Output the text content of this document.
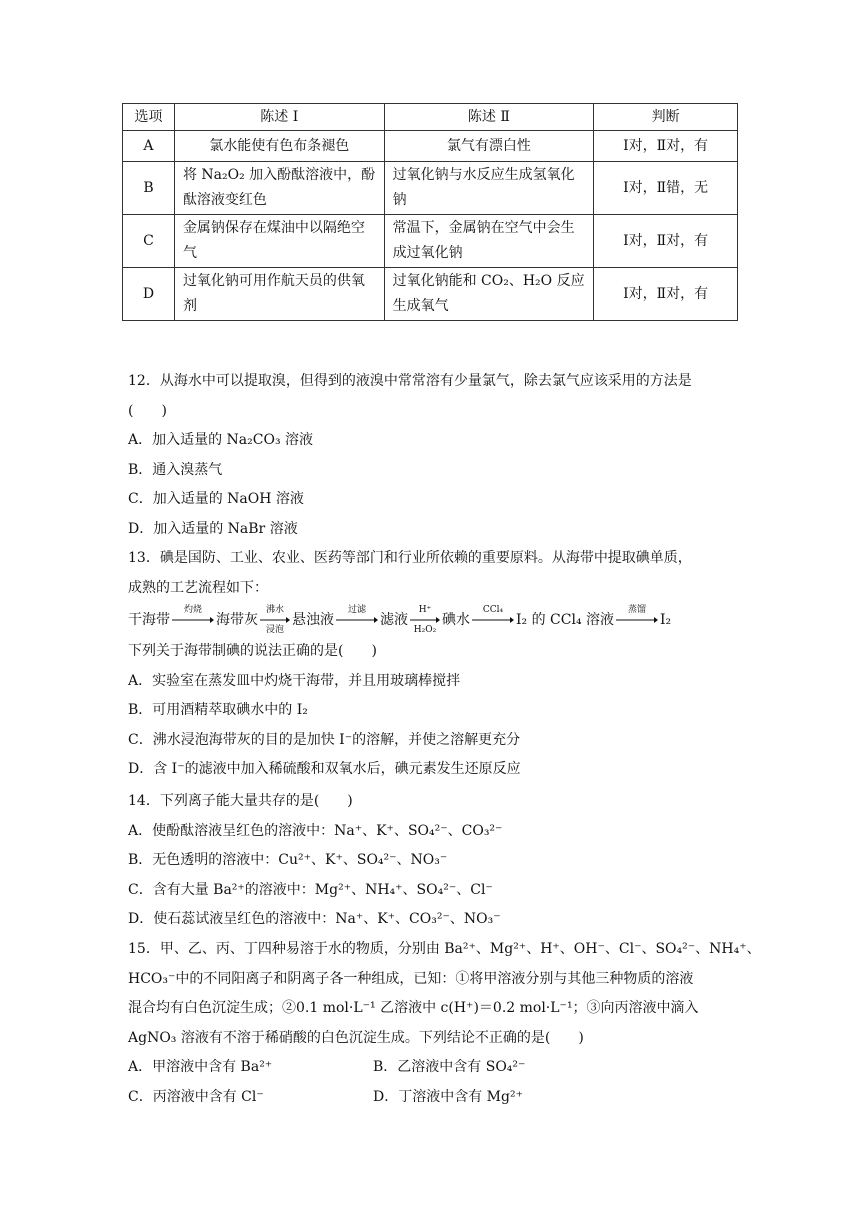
选项	陈述 Ⅰ	陈述 Ⅱ	判断
A	氯水能使有色布条褪色	氯气有漂白性	Ⅰ对，Ⅱ对，有
B	将 Na₂O₂ 加入酚酞溶液中，酚酞溶液变红色	过氧化钠与水反应生成氢氧化钠	Ⅰ对，Ⅱ错，无
C	金属钠保存在煤油中以隔绝空气	常温下，金属钠在空气中会生成过氧化钠	Ⅰ对，Ⅱ对，有
D	过氧化钠可用作航天员的供氧剂	过氧化钠能和 CO₂、H₂O 反应生成氧气	Ⅰ对，Ⅱ对，有
12．从海水中可以提取溴，但得到的液溴中常常溶有少量氯气，除去氯气应该采用的方法是
(　　)
A．加入适量的 Na₂CO₃ 溶液
B．通入溴蒸气
C．加入适量的 NaOH 溶液
D．加入适量的 NaBr 溶液
13．碘是国防、工业、农业、医药等部门和行业所依赖的重要原料。从海带中提取碘单质，
成熟的工艺流程如下：
干海带
灼烧
海带灰
沸水
浸泡
悬浊液
过滤
滤液
H⁺
H₂O₂
碘水
CCl₄
I₂ 的 CCl₄ 溶液
蒸馏
I₂
下列关于海带制碘的说法正确的是(　　)
A．实验室在蒸发皿中灼烧干海带，并且用玻璃棒搅拌
B．可用酒精萃取碘水中的 I₂
C．沸水浸泡海带灰的目的是加快 I⁻的溶解，并使之溶解更充分
D．含 I⁻的滤液中加入稀硫酸和双氧水后，碘元素发生还原反应
14．下列离子能大量共存的是(　　)
A．使酚酞溶液呈红色的溶液中：Na⁺、K⁺、SO₄²⁻、CO₃²⁻
B．无色透明的溶液中：Cu²⁺、K⁺、SO₄²⁻、NO₃⁻
C．含有大量 Ba²⁺的溶液中：Mg²⁺、NH₄⁺、SO₄²⁻、Cl⁻
D．使石蕊试液呈红色的溶液中：Na⁺、K⁺、CO₃²⁻、NO₃⁻
15．甲、乙、丙、丁四种易溶于水的物质，分别由 Ba²⁺、Mg²⁺、H⁺、OH⁻、Cl⁻、SO₄²⁻、NH₄⁺、
HCO₃⁻中的不同阳离子和阴离子各一种组成，已知：①将甲溶液分别与其他三种物质的溶液
混合均有白色沉淀生成；②0.1 mol·L⁻¹ 乙溶液中 c(H⁺)＝0.2 mol·L⁻¹；③向丙溶液中滴入
AgNO₃ 溶液有不溶于稀硝酸的白色沉淀生成。下列结论不正确的是(　　)
A．甲溶液中含有 Ba²⁺	B．乙溶液中含有 SO₄²⁻
C．丙溶液中含有 Cl⁻	D．丁溶液中含有 Mg²⁺
